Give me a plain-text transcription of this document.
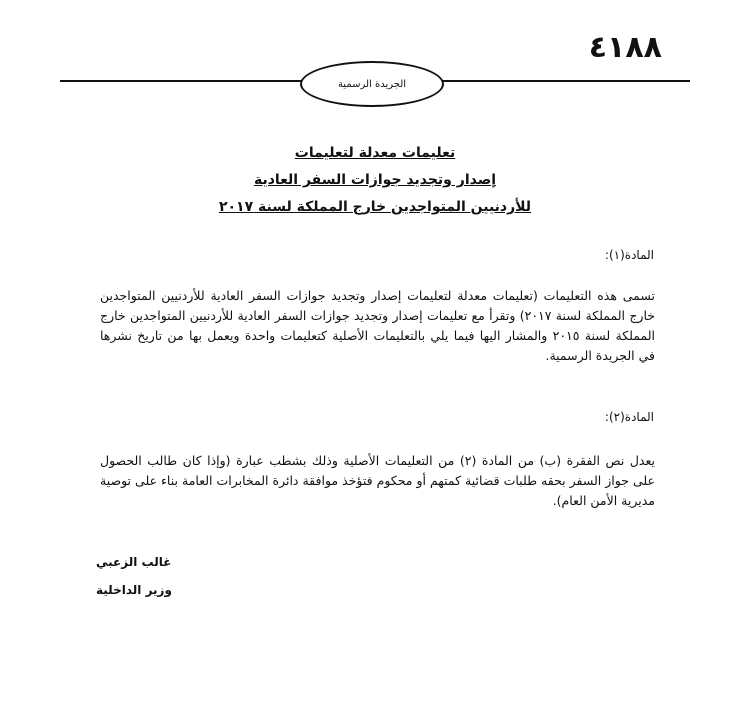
٤١٨٨
الجريدة الرسمية
تعليمات معدلة لتعليمات
إصدار وتجديد جوازات السفر العادية
للأردنيين المتواجدين خارج المملكة لسنة ٢٠١٧
المادة(١):
تسمى هذه التعليمات (تعليمات معدلة لتعليمات إصدار وتجديد جوازات السفر العادية للأردنيين المتواجدين خارج المملكة لسنة ٢٠١٧) وتقرأ مع تعليمات إصدار وتجديد جوازات السفر العادية للأردنيين المتواجدين خارج المملكة لسنة ٢٠١٥ والمشار اليها فيما يلي بالتعليمات الأصلية كتعليمات واحدة ويعمل بها من تاريخ نشرها في الجريدة الرسمية.
المادة(٢):
يعدل نص الفقرة (ب) من المادة (٢) من التعليمات الأصلية وذلك بشطب عبارة (وإذا كان طالب الحصول على جواز السفر بحقه طلبات قضائية كمتهم أو محكوم فتؤخذ موافقة دائرة المخابرات العامة بناء على توصية مديرية الأمن العام).
غالب الزعبي
وزير الداخلية
